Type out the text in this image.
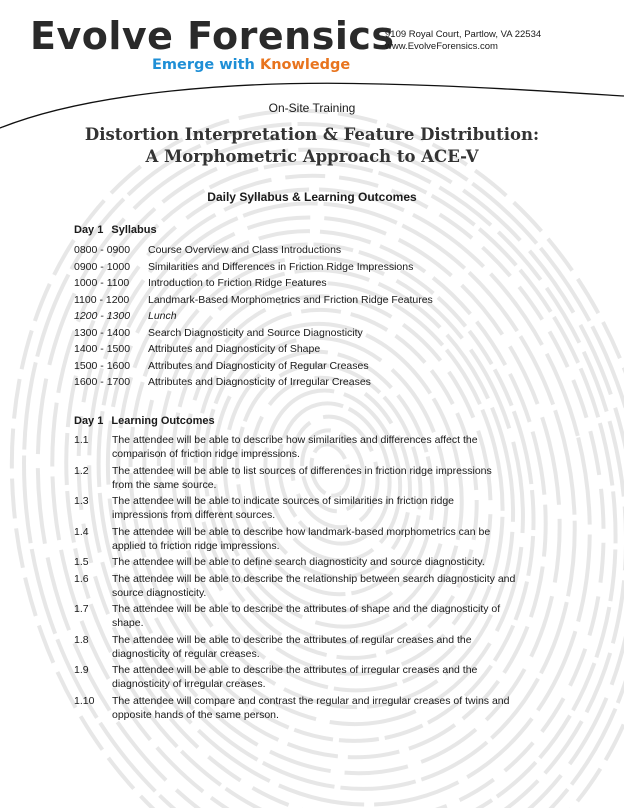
Evolve Forensics
Emerge with Knowledge
9109 Royal Court, Partlow, VA 22534
www.EvolveForensics.com
On-Site Training
Distortion Interpretation & Feature Distribution:
A Morphometric Approach to ACE-V
Daily Syllabus & Learning Outcomes
Day 1 Syllabus
0800 - 0900 Course Overview and Class Introductions
0900 - 1000 Similarities and Differences in Friction Ridge Impressions
1000 - 1100 Introduction to Friction Ridge Features
1100 - 1200 Landmark-Based Morphometrics and Friction Ridge Features
1200 - 1300 Lunch
1300 - 1400 Search Diagnosticity and Source Diagnosticity
1400 - 1500 Attributes and Diagnosticity of Shape
1500 - 1600 Attributes and Diagnosticity of Regular Creases
1600 - 1700 Attributes and Diagnosticity of Irregular Creases
Day 1 Learning Outcomes
1.1 The attendee will be able to describe how similarities and differences affect the
comparison of friction ridge impressions.
1.2 The attendee will be able to list sources of differences in friction ridge impressions
from the same source.
1.3 The attendee will be able to indicate sources of similarities in friction ridge
impressions from different sources.
1.4 The attendee will be able to describe how landmark-based morphometrics can be
applied to friction ridge impressions.
1.5 The attendee will be able to define search diagnosticity and source diagnosticity.
1.6 The attendee will be able to describe the relationship between search diagnosticity and
source diagnosticity.
1.7 The attendee will be able to describe the attributes of shape and the diagnosticity of
shape.
1.8 The attendee will be able to describe the attributes of regular creases and the
diagnosticity of regular creases.
1.9 The attendee will be able to describe the attributes of irregular creases and the
diagnosticity of irregular creases.
1.10 The attendee will compare and contrast the regular and irregular creases of twins and
opposite hands of the same person.
